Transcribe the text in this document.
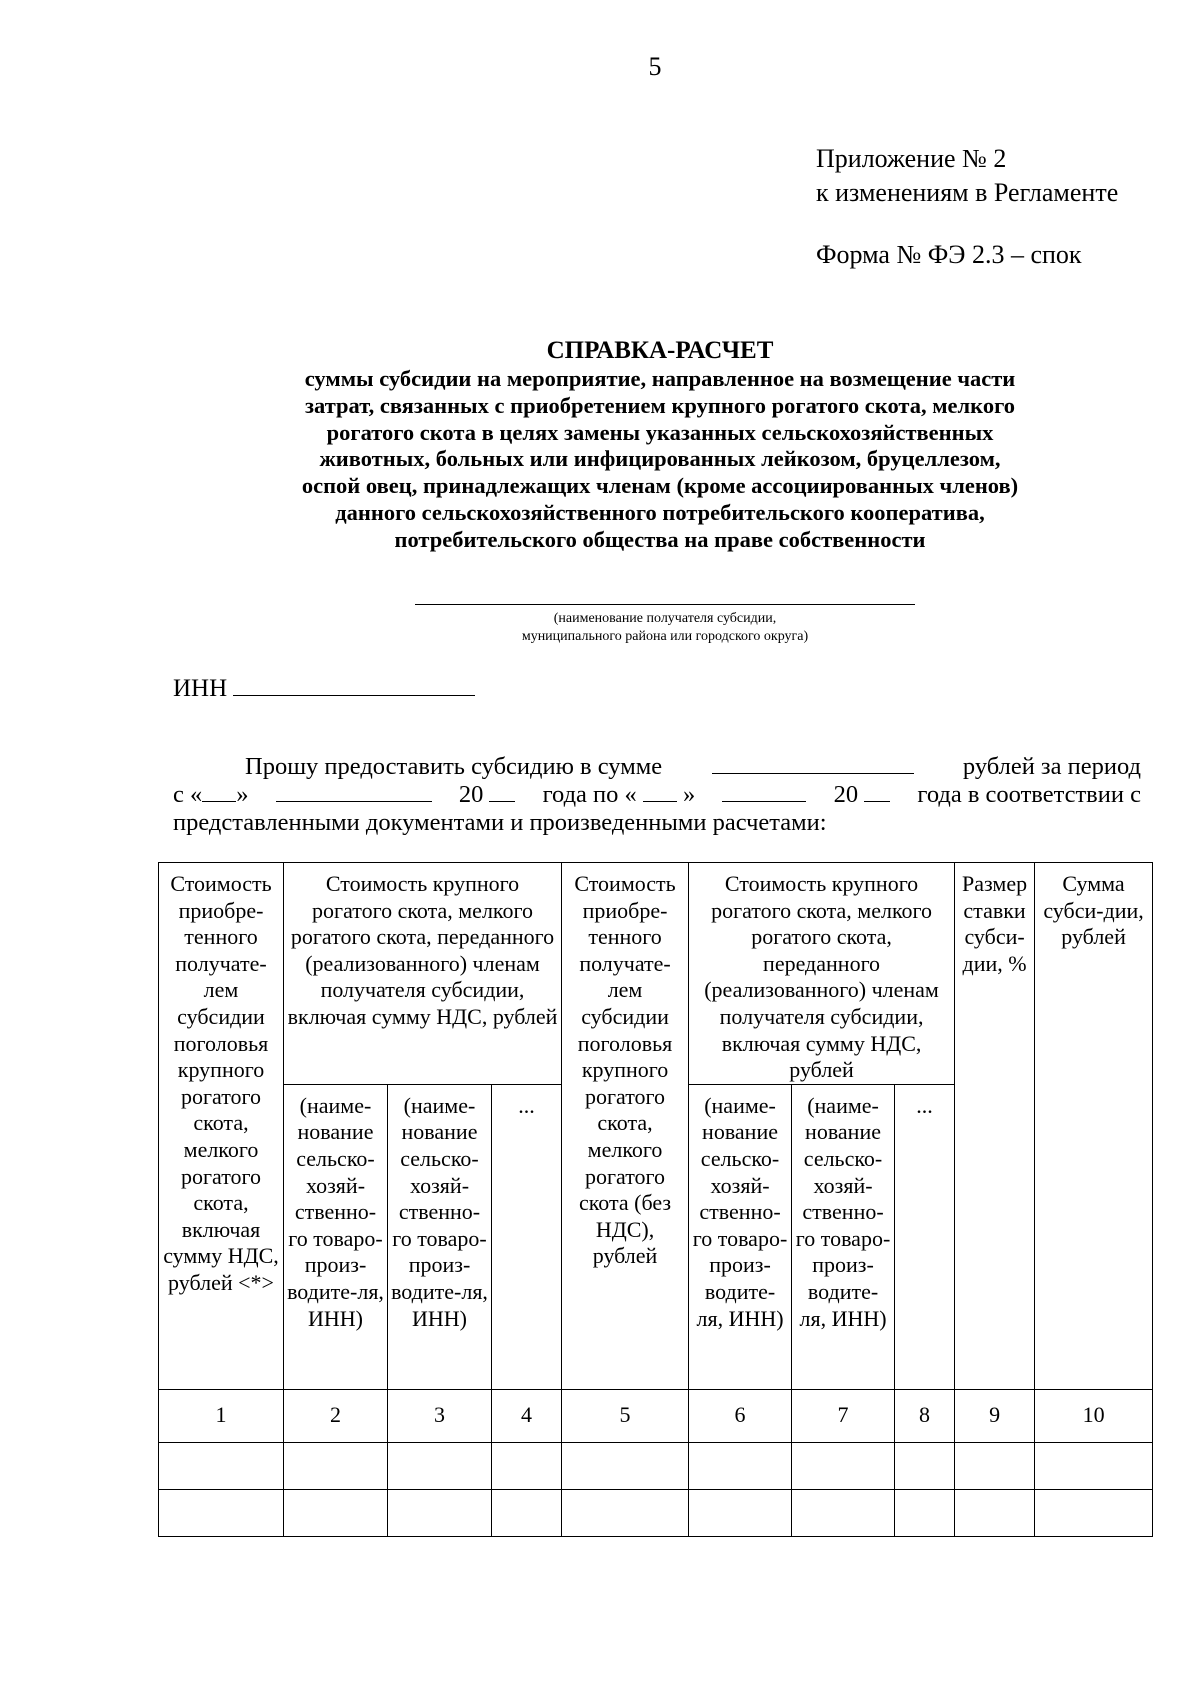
5
Приложение № 2
к изменениям в Регламенте
Форма № ФЭ 2.3 – спок
СПРАВКА-РАСЧЕТ
суммы субсидии на мероприятие, направленное на возмещение части
затрат, связанных с приобретением крупного рогатого скота, мелкого
рогатого скота в целях замены указанных сельскохозяйственных
животных, больных или инфицированных лейкозом, бруцеллезом,
оспой овец, принадлежащих членам (кроме ассоциированных членов)
данного сельскохозяйственного потребительского кооператива,
потребительского общества на праве собственности
(наименование получателя субсидии,
муниципального района или городского округа)
ИНН
Прошу предоставить субсидию в сумме	рублей за период
с « »	20	года по « »	20	года в соответствии с
представленными документами и произведенными расчетами:
Стоимость приобре-тенного получате-лем субсидии поголовья крупного рогатого скота, мелкого рогатого скота, включая сумму НДС, рублей <*>	Стоимость крупного рогатого скота, мелкого рогатого скота, переданного (реализованного) членам получателя субсидии, включая сумму НДС, рублей			Стоимость приобре-тенного получате-лем субсидии поголовья крупного рогатого скота, мелкого рогатого скота (без НДС), рублей	Стоимость крупного рогатого скота, мелкого рогатого скота, переданного (реализованного) членам получателя субсидии, включая сумму НДС, рублей			Размер ставки субси-дии, %	Сумма субси-дии, рублей
	(наиме-нование сельско-хозяй-ственно-го товаро-произ-водите-ля, ИНН)	(наиме-нование сельско-хозяй-ственно-го товаро-произ-водите-ля, ИНН)	...		(наиме-нование сельско-хозяй-ственно-го товаро-произ-водите-ля, ИНН)	(наиме-нование сельско-хозяй-ственно-го товаро-произ-водите-ля, ИНН)	...		
1	2	3	4	5	6	7	8	9	10
